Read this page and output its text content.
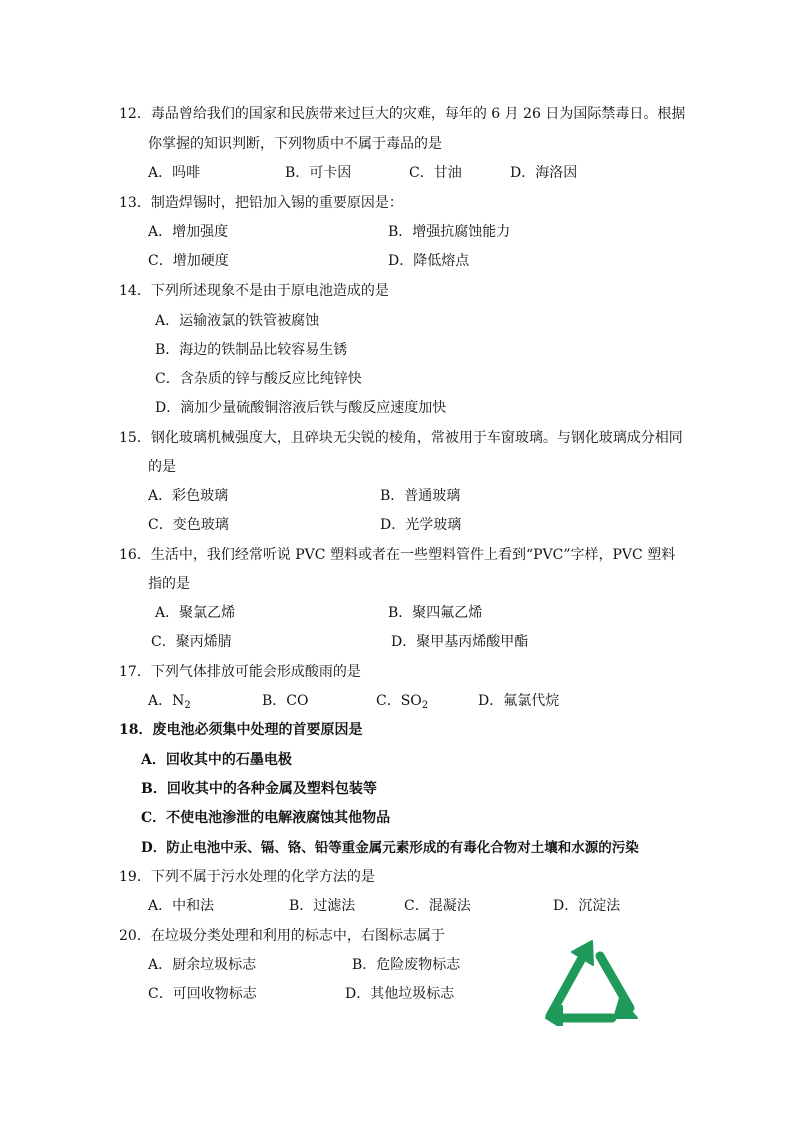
12．毒品曾给我们的国家和民族带来过巨大的灾难，每年的 6 月 26 日为国际禁毒日。根据
你掌握的知识判断，下列物质中不属于毒品的是
A．吗啡	B．可卡因	C．甘油	D．海洛因
13．制造焊锡时，把铅加入锡的重要原因是：
A．增加强度	B．增强抗腐蚀能力
C．增加硬度	D．降低熔点
14．下列所述现象不是由于原电池造成的是
A．运输液氯的铁管被腐蚀
B．海边的铁制品比较容易生锈
C．含杂质的锌与酸反应比纯锌快
D．滴加少量硫酸铜溶液后铁与酸反应速度加快
15．钢化玻璃机械强度大，且碎块无尖锐的棱角，常被用于车窗玻璃。与钢化玻璃成分相同
的是
A．彩色玻璃	B．普通玻璃
C．变色玻璃	D．光学玻璃
16．生活中，我们经常听说 PVC 塑料或者在一些塑料管件上看到“PVC”字样，PVC 塑料
指的是
A．聚氯乙烯	B．聚四氟乙烯
C．聚丙烯腈	D．聚甲基丙烯酸甲酯
17．下列气体排放可能会形成酸雨的是
A．$N_2$	B．CO	C．$SO_2$	D．氟氯代烷
18．废电池必须集中处理的首要原因是
A．回收其中的石墨电极
B．回收其中的各种金属及塑料包装等
C．不使电池渗泄的电解液腐蚀其他物品
D．防止电池中汞、镉、铬、铅等重金属元素形成的有毒化合物对土壤和水源的污染
19．下列不属于污水处理的化学方法的是
A．中和法	B．过滤法	C．混凝法	D．沉淀法
20．在垃圾分类处理和利用的标志中，右图标志属于
A．厨余垃圾标志	B．危险废物标志
C．可回收物标志	D．其他垃圾标志
